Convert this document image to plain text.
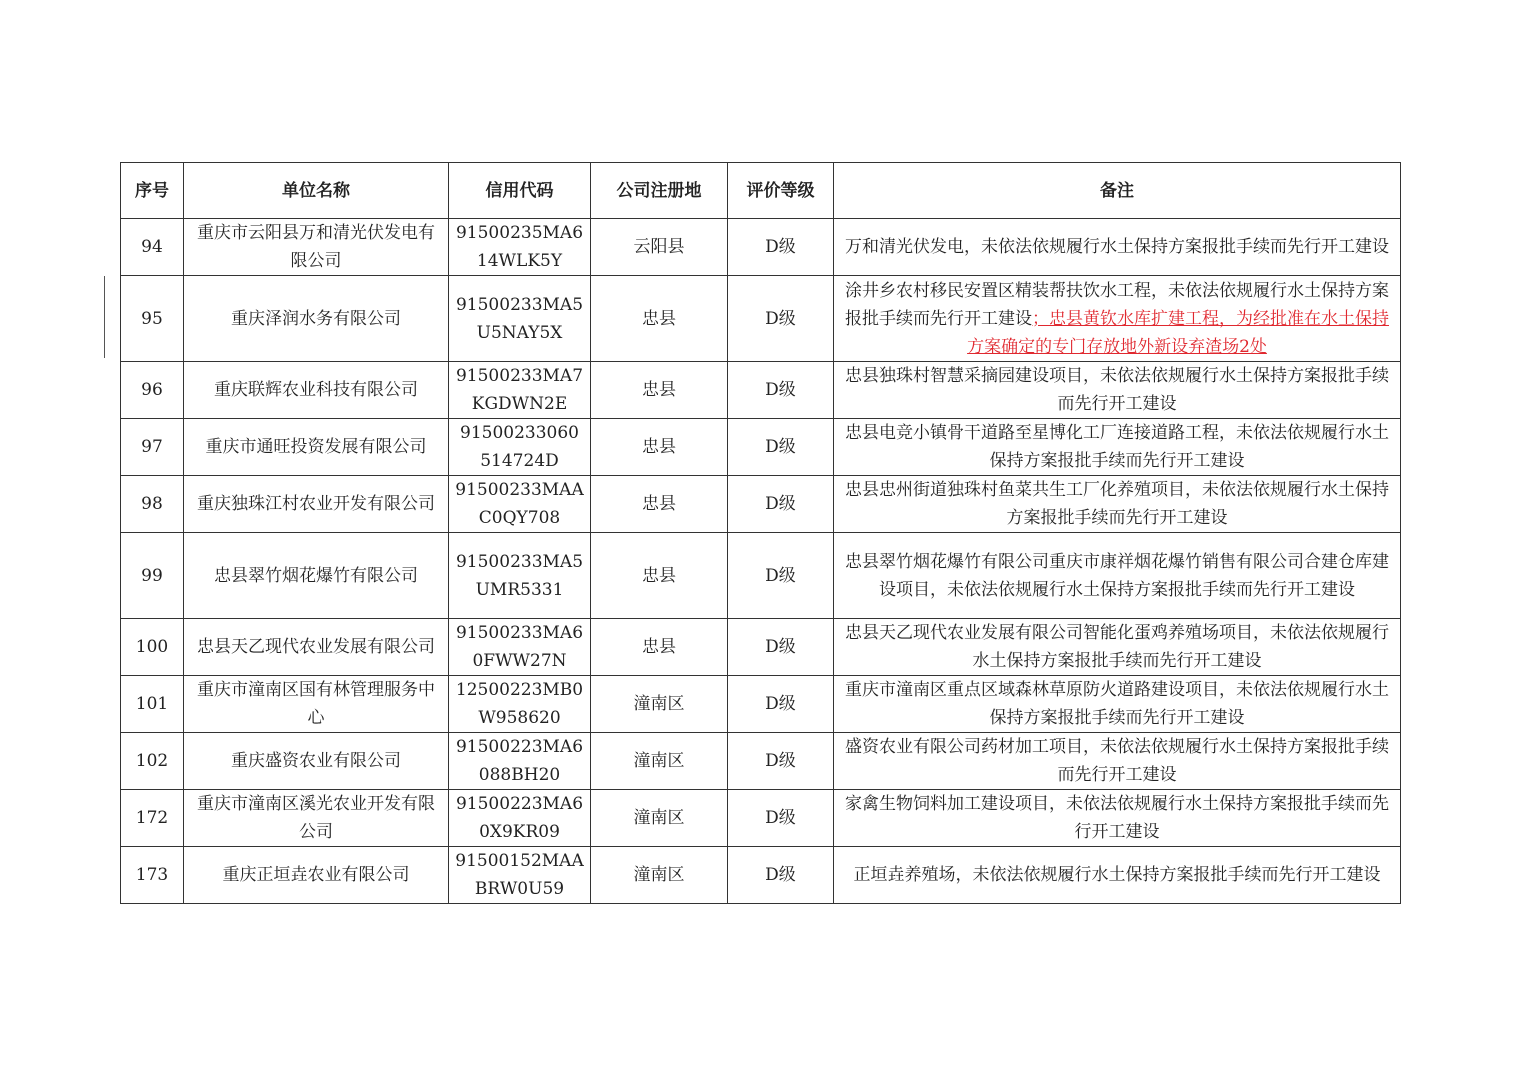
序号	单位名称	信用代码	公司注册地	评价等级	备注
94	重庆市云阳县万和清光伏发电有限公司	91500235MA614WLK5Y	云阳县	D级	万和清光伏发电，未依法依规履行水土保持方案报批手续而先行开工建设
95	重庆泽润水务有限公司	91500233MA5U5NAY5X	忠县	D级	涂井乡农村移民安置区精装帮扶饮水工程，未依法依规履行水土保持方案报批手续而先行开工建设；忠县黄钦水库扩建工程，为经批准在水土保持方案确定的专门存放地外新设弃渣场2处
96	重庆联辉农业科技有限公司	91500233MA7KGDWN2E	忠县	D级	忠县独珠村智慧采摘园建设项目，未依法依规履行水土保持方案报批手续而先行开工建设
97	重庆市通旺投资发展有限公司	91500233060514724D	忠县	D级	忠县电竞小镇骨干道路至星博化工厂连接道路工程，未依法依规履行水土保持方案报批手续而先行开工建设
98	重庆独珠江村农业开发有限公司	91500233MAAC0QY708	忠县	D级	忠县忠州街道独珠村鱼菜共生工厂化养殖项目，未依法依规履行水土保持方案报批手续而先行开工建设
99	忠县翠竹烟花爆竹有限公司	91500233MA5UMR5331	忠县	D级	忠县翠竹烟花爆竹有限公司重庆市康祥烟花爆竹销售有限公司合建仓库建设项目，未依法依规履行水土保持方案报批手续而先行开工建设
100	忠县天乙现代农业发展有限公司	91500233MA60FWW27N	忠县	D级	忠县天乙现代农业发展有限公司智能化蛋鸡养殖场项目，未依法依规履行水土保持方案报批手续而先行开工建设
101	重庆市潼南区国有林管理服务中心	12500223MB0W958620	潼南区	D级	重庆市潼南区重点区域森林草原防火道路建设项目，未依法依规履行水土保持方案报批手续而先行开工建设
102	重庆盛资农业有限公司	91500223MA6088BH20	潼南区	D级	盛资农业有限公司药材加工项目，未依法依规履行水土保持方案报批手续而先行开工建设
172	重庆市潼南区溪光农业开发有限公司	91500223MA60X9KR09	潼南区	D级	家禽生物饲料加工建设项目，未依法依规履行水土保持方案报批手续而先行开工建设
173	重庆正垣垚农业有限公司	91500152MAABRW0U59	潼南区	D级	正垣垚养殖场，未依法依规履行水土保持方案报批手续而先行开工建设
